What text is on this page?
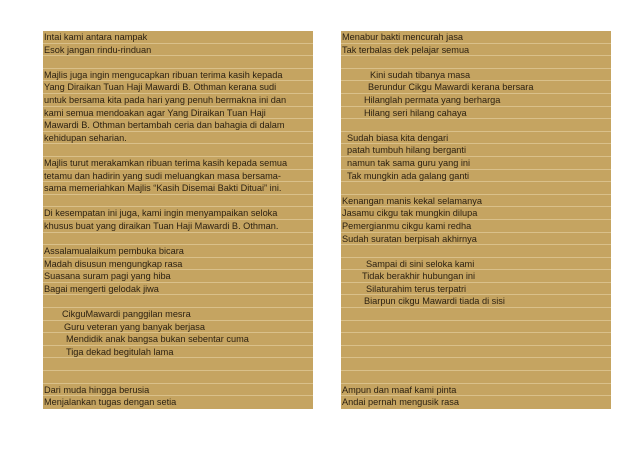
Intai kami antara nampak
Esok jangan rindu-rinduan
Majlis juga ingin mengucapkan ribuan terima kasih kepada
Yang Diraikan Tuan Haji Mawardi B. Othman kerana sudi
untuk bersama kita pada hari yang penuh bermakna ini dan
kami semua mendoakan agar Yang Diraikan Tuan Haji
Mawardi B. Othman bertambah ceria dan bahagia di dalam
kehidupan seharian.
Majlis turut merakamkan ribuan terima kasih kepada semua
tetamu dan hadirin yang sudi meluangkan masa bersama-
sama memeriahkan Majlis “Kasih Disemai Bakti Dituai” ini.
Di kesempatan ini juga, kami ingin menyampaikan seloka
khusus buat yang diraikan Tuan Haji Mawardi B. Othman.
Assalamualaikum pembuka bicara
Madah disusun mengungkap rasa
Suasana suram pagi yang hiba
Bagai mengerti gelodak jiwa
CikguMawardi panggilan mesra
Guru veteran yang banyak berjasa
Mendidik anak bangsa bukan sebentar cuma
Tiga dekad begitulah lama
Dari muda hingga berusia
Menjalankan tugas dengan setia
Menabur bakti mencurah jasa
Tak terbalas dek pelajar semua
Kini sudah tibanya masa
Berundur Cikgu Mawardi kerana bersara
Hilanglah permata yang berharga
Hilang seri hilang cahaya
Sudah biasa kita dengari
patah tumbuh hilang berganti
namun tak sama guru yang ini
Tak mungkin ada galang ganti
Kenangan manis kekal selamanya
Jasamu cikgu tak mungkin dilupa
Pemergianmu cikgu kami redha
Sudah suratan berpisah akhirnya
Sampai di sini seloka kami
Tidak berakhir hubungan ini
Silaturahim terus terpatri
Biarpun cikgu Mawardi tiada di sisi
Ampun dan maaf kami pinta
Andai pernah mengusik rasa
